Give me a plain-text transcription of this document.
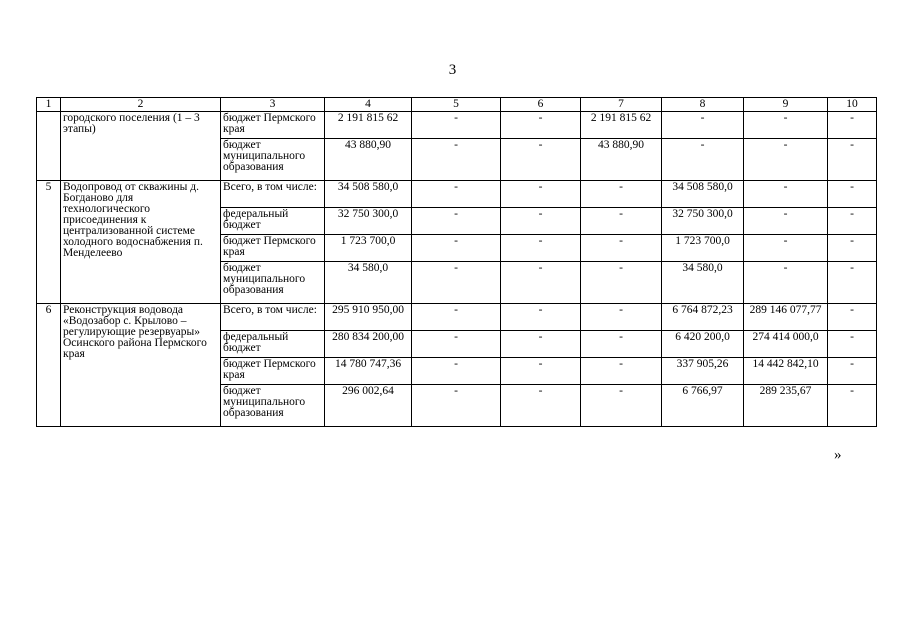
3
1	2	3	4	5	6	7	8	9	10
	городского поселения (1 – 3 этапы)	бюджет Пермского края	2 191 815 62	-	-	2 191 815 62	-	-	-
		бюджет муниципального образования	43 880,90	-	-	43 880,90	-	-	-
5	Водопровод от скважины д. Богданово для технологического присоединения к централизованной системе холодного водоснабжения п. Менделеево	Всего, в том числе:	34 508 580,0	-	-	-	34 508 580,0	-	-
		федеральный бюджет	32 750 300,0	-	-	-	32 750 300,0	-	-
		бюджет Пермского края	1 723 700,0	-	-	-	1 723 700,0	-	-
		бюджет муниципального образования	34 580,0	-	-	-	34 580,0	-	-
6	Реконструкция водовода «Водозабор с. Крылово – регулирующие резервуары» Осинского района Пермского края	Всего, в том числе:	295 910 950,00	-	-	-	6 764 872,23	289 146 077,77	-
		федеральный бюджет	280 834 200,00	-	-	-	6 420 200,0	274 414 000,0	-
		бюджет Пермского края	14 780 747,36	-	-	-	337 905,26	14 442 842,10	-
		бюджет муниципального образования	296 002,64	-	-	-	6 766,97	289 235,67	-
»
